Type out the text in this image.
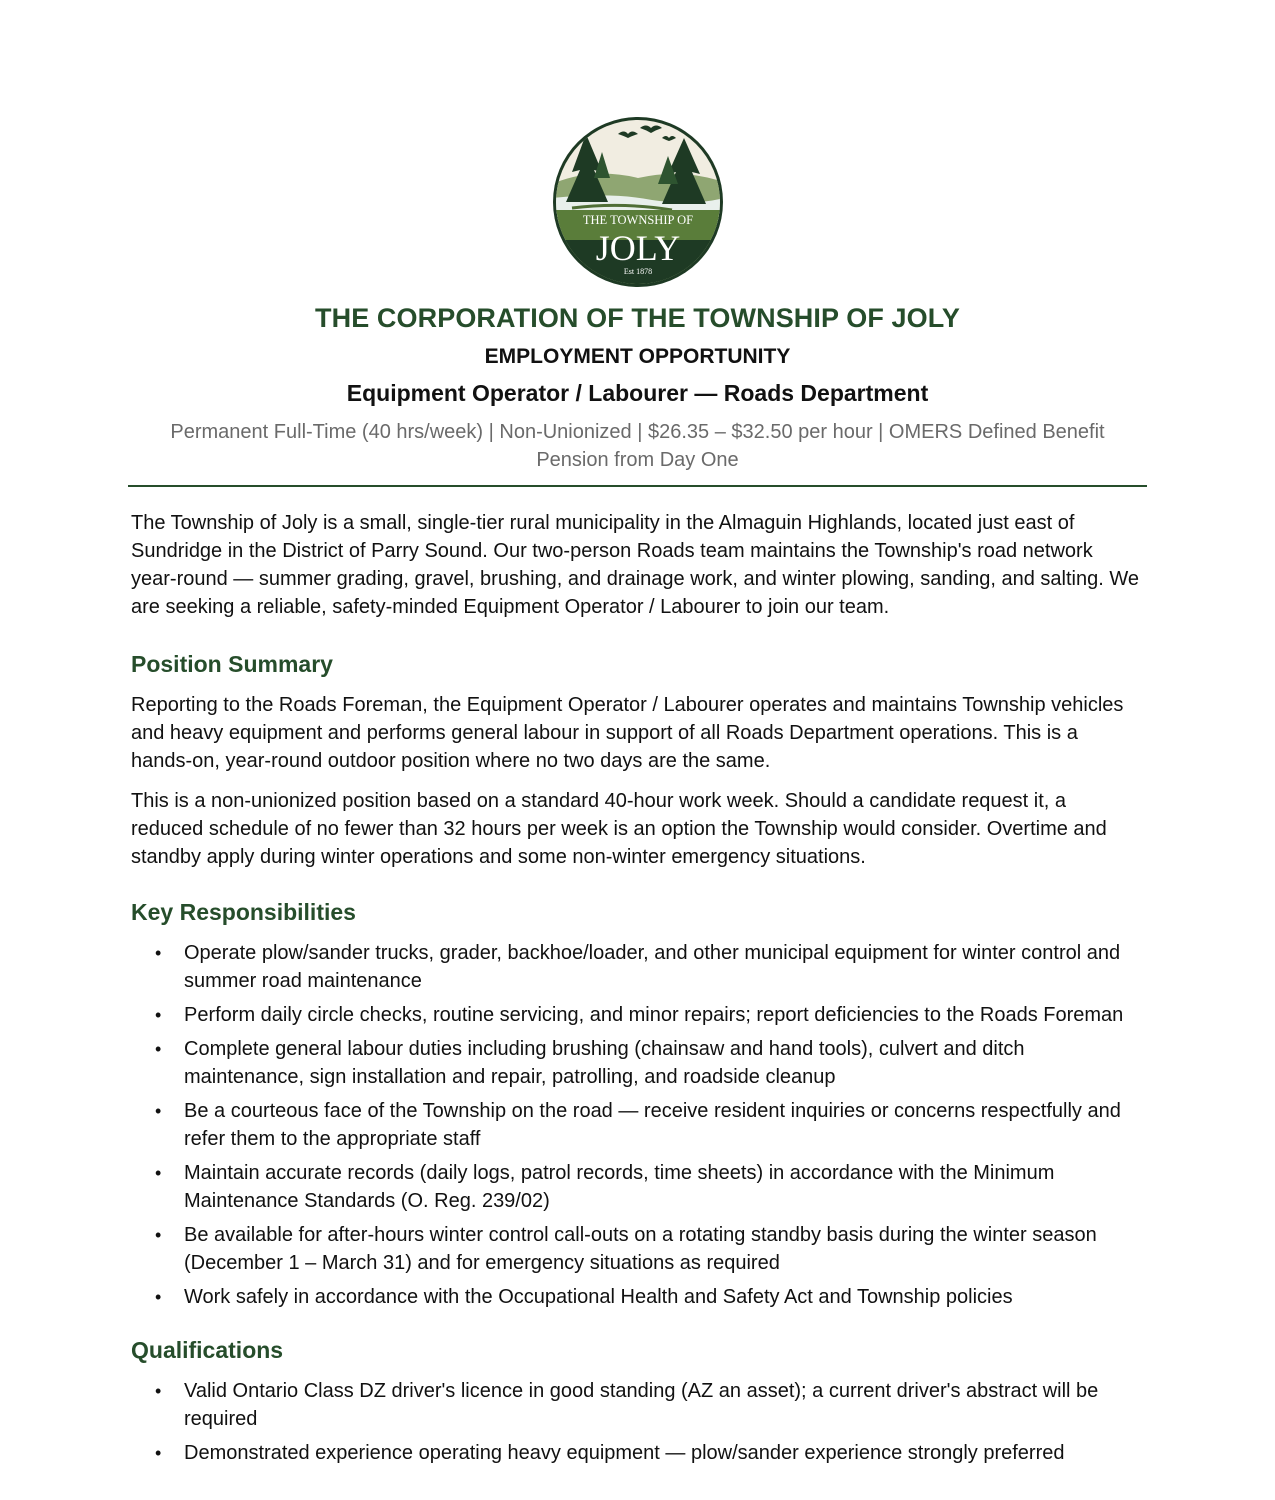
THE TOWNSHIP OF
JOLY
Est 1878
THE CORPORATION OF THE TOWNSHIP OF JOLY
EMPLOYMENT OPPORTUNITY
Equipment Operator / Labourer — Roads Department
Permanent Full-Time (40 hrs/week) | Non-Unionized | $26.35 – $32.50 per hour | OMERS Defined Benefit Pension from Day One

The Township of Joly is a small, single-tier rural municipality in the Almaguin Highlands, located just east of Sundridge in the District of Parry Sound. Our two-person Roads team maintains the Township's road network year-round — summer grading, gravel, brushing, and drainage work, and winter plowing, sanding, and salting. We are seeking a reliable, safety-minded Equipment Operator / Labourer to join our team.

Position Summary

Reporting to the Roads Foreman, the Equipment Operator / Labourer operates and maintains Township vehicles and heavy equipment and performs general labour in support of all Roads Department operations. This is a hands-on, year-round outdoor position where no two days are the same.

This is a non-unionized position based on a standard 40-hour work week. Should a candidate request it, a reduced schedule of no fewer than 32 hours per week is an option the Township would consider. Overtime and standby apply during winter operations and some non-winter emergency situations.

Key Responsibilities
• Operate plow/sander trucks, grader, backhoe/loader, and other municipal equipment for winter control and summer road maintenance
• Perform daily circle checks, routine servicing, and minor repairs; report deficiencies to the Roads Foreman
• Complete general labour duties including brushing (chainsaw and hand tools), culvert and ditch maintenance, sign installation and repair, patrolling, and roadside cleanup
• Be a courteous face of the Township on the road — receive resident inquiries or concerns respectfully and refer them to the appropriate staff
• Maintain accurate records (daily logs, patrol records, time sheets) in accordance with the Minimum Maintenance Standards (O. Reg. 239/02)
• Be available for after-hours winter control call-outs on a rotating standby basis during the winter season (December 1 – March 31) and for emergency situations as required
• Work safely in accordance with the Occupational Health and Safety Act and Township policies
Qualifications
• Valid Ontario Class DZ driver's licence in good standing (AZ an asset); a current driver's abstract will be required
• Demonstrated experience operating heavy equipment — plow/sander experience strongly preferred
